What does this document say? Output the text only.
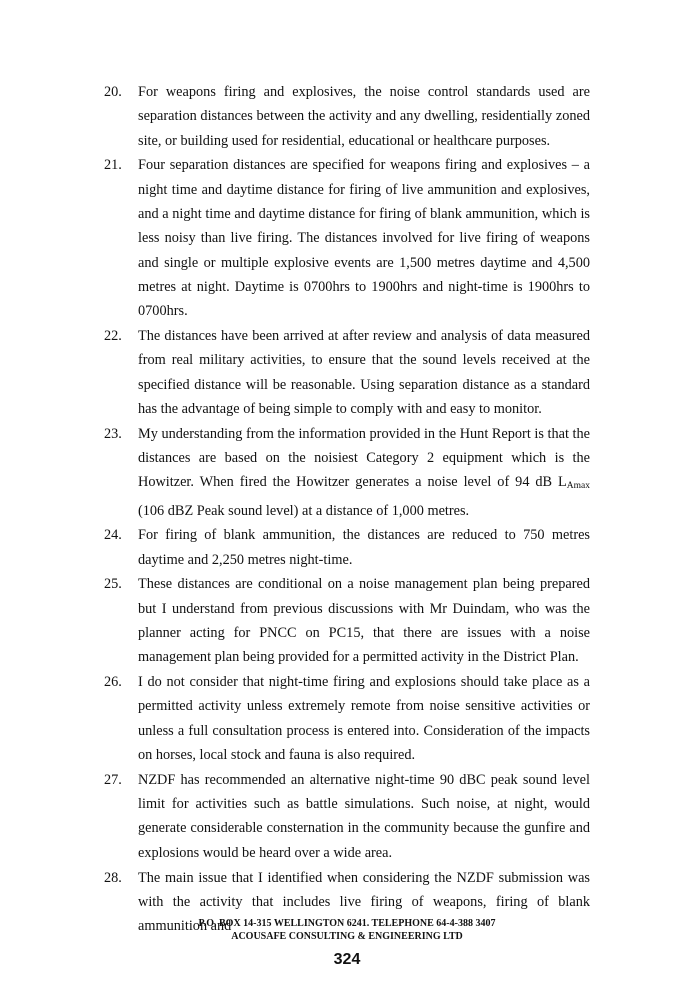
20.	For weapons firing and explosives, the noise control standards used are separation distances between the activity and any dwelling, residentially zoned site, or building used for residential, educational or healthcare purposes.
21.	Four separation distances are specified for weapons firing and explosives – a night time and daytime distance for firing of live ammunition and explosives, and a night time and daytime distance for firing of blank ammunition, which is less noisy than live firing. The distances involved for live firing of weapons and single or multiple explosive events are 1,500 metres daytime and 4,500 metres at night. Daytime is 0700hrs to 1900hrs and night-time is 1900hrs to 0700hrs.
22.	The distances have been arrived at after review and analysis of data measured from real military activities, to ensure that the sound levels received at the specified distance will be reasonable. Using separation distance as a standard has the advantage of being simple to comply with and easy to monitor.
23.	My understanding from the information provided in the Hunt Report is that the distances are based on the noisiest Category 2 equipment which is the Howitzer. When fired the Howitzer generates a noise level of 94 dB $L_{Amax}$ (106 dBZ Peak sound level) at a distance of 1,000 metres.
24.	For firing of blank ammunition, the distances are reduced to 750 metres daytime and 2,250 metres night-time.
25.	These distances are conditional on a noise management plan being prepared but I understand from previous discussions with Mr Duindam, who was the planner acting for PNCC on PC15, that there are issues with a noise management plan being provided for a permitted activity in the District Plan.
26.	I do not consider that night-time firing and explosions should take place as a permitted activity unless extremely remote from noise sensitive activities or unless a full consultation process is entered into. Consideration of the impacts on horses, local stock and fauna is also required.
27.	NZDF has recommended an alternative night-time 90 dBC peak sound level limit for activities such as battle simulations. Such noise, at night, would generate considerable consternation in the community because the gunfire and explosions would be heard over a wide area.
28.	The main issue that I identified when considering the NZDF submission was with the activity that includes live firing of weapons, firing of blank ammunition and
P.O. BOX 14-315 WELLINGTON 6241. TELEPHONE 64-4-388 3407
ACOUSAFE CONSULTING & ENGINEERING LTD
324
